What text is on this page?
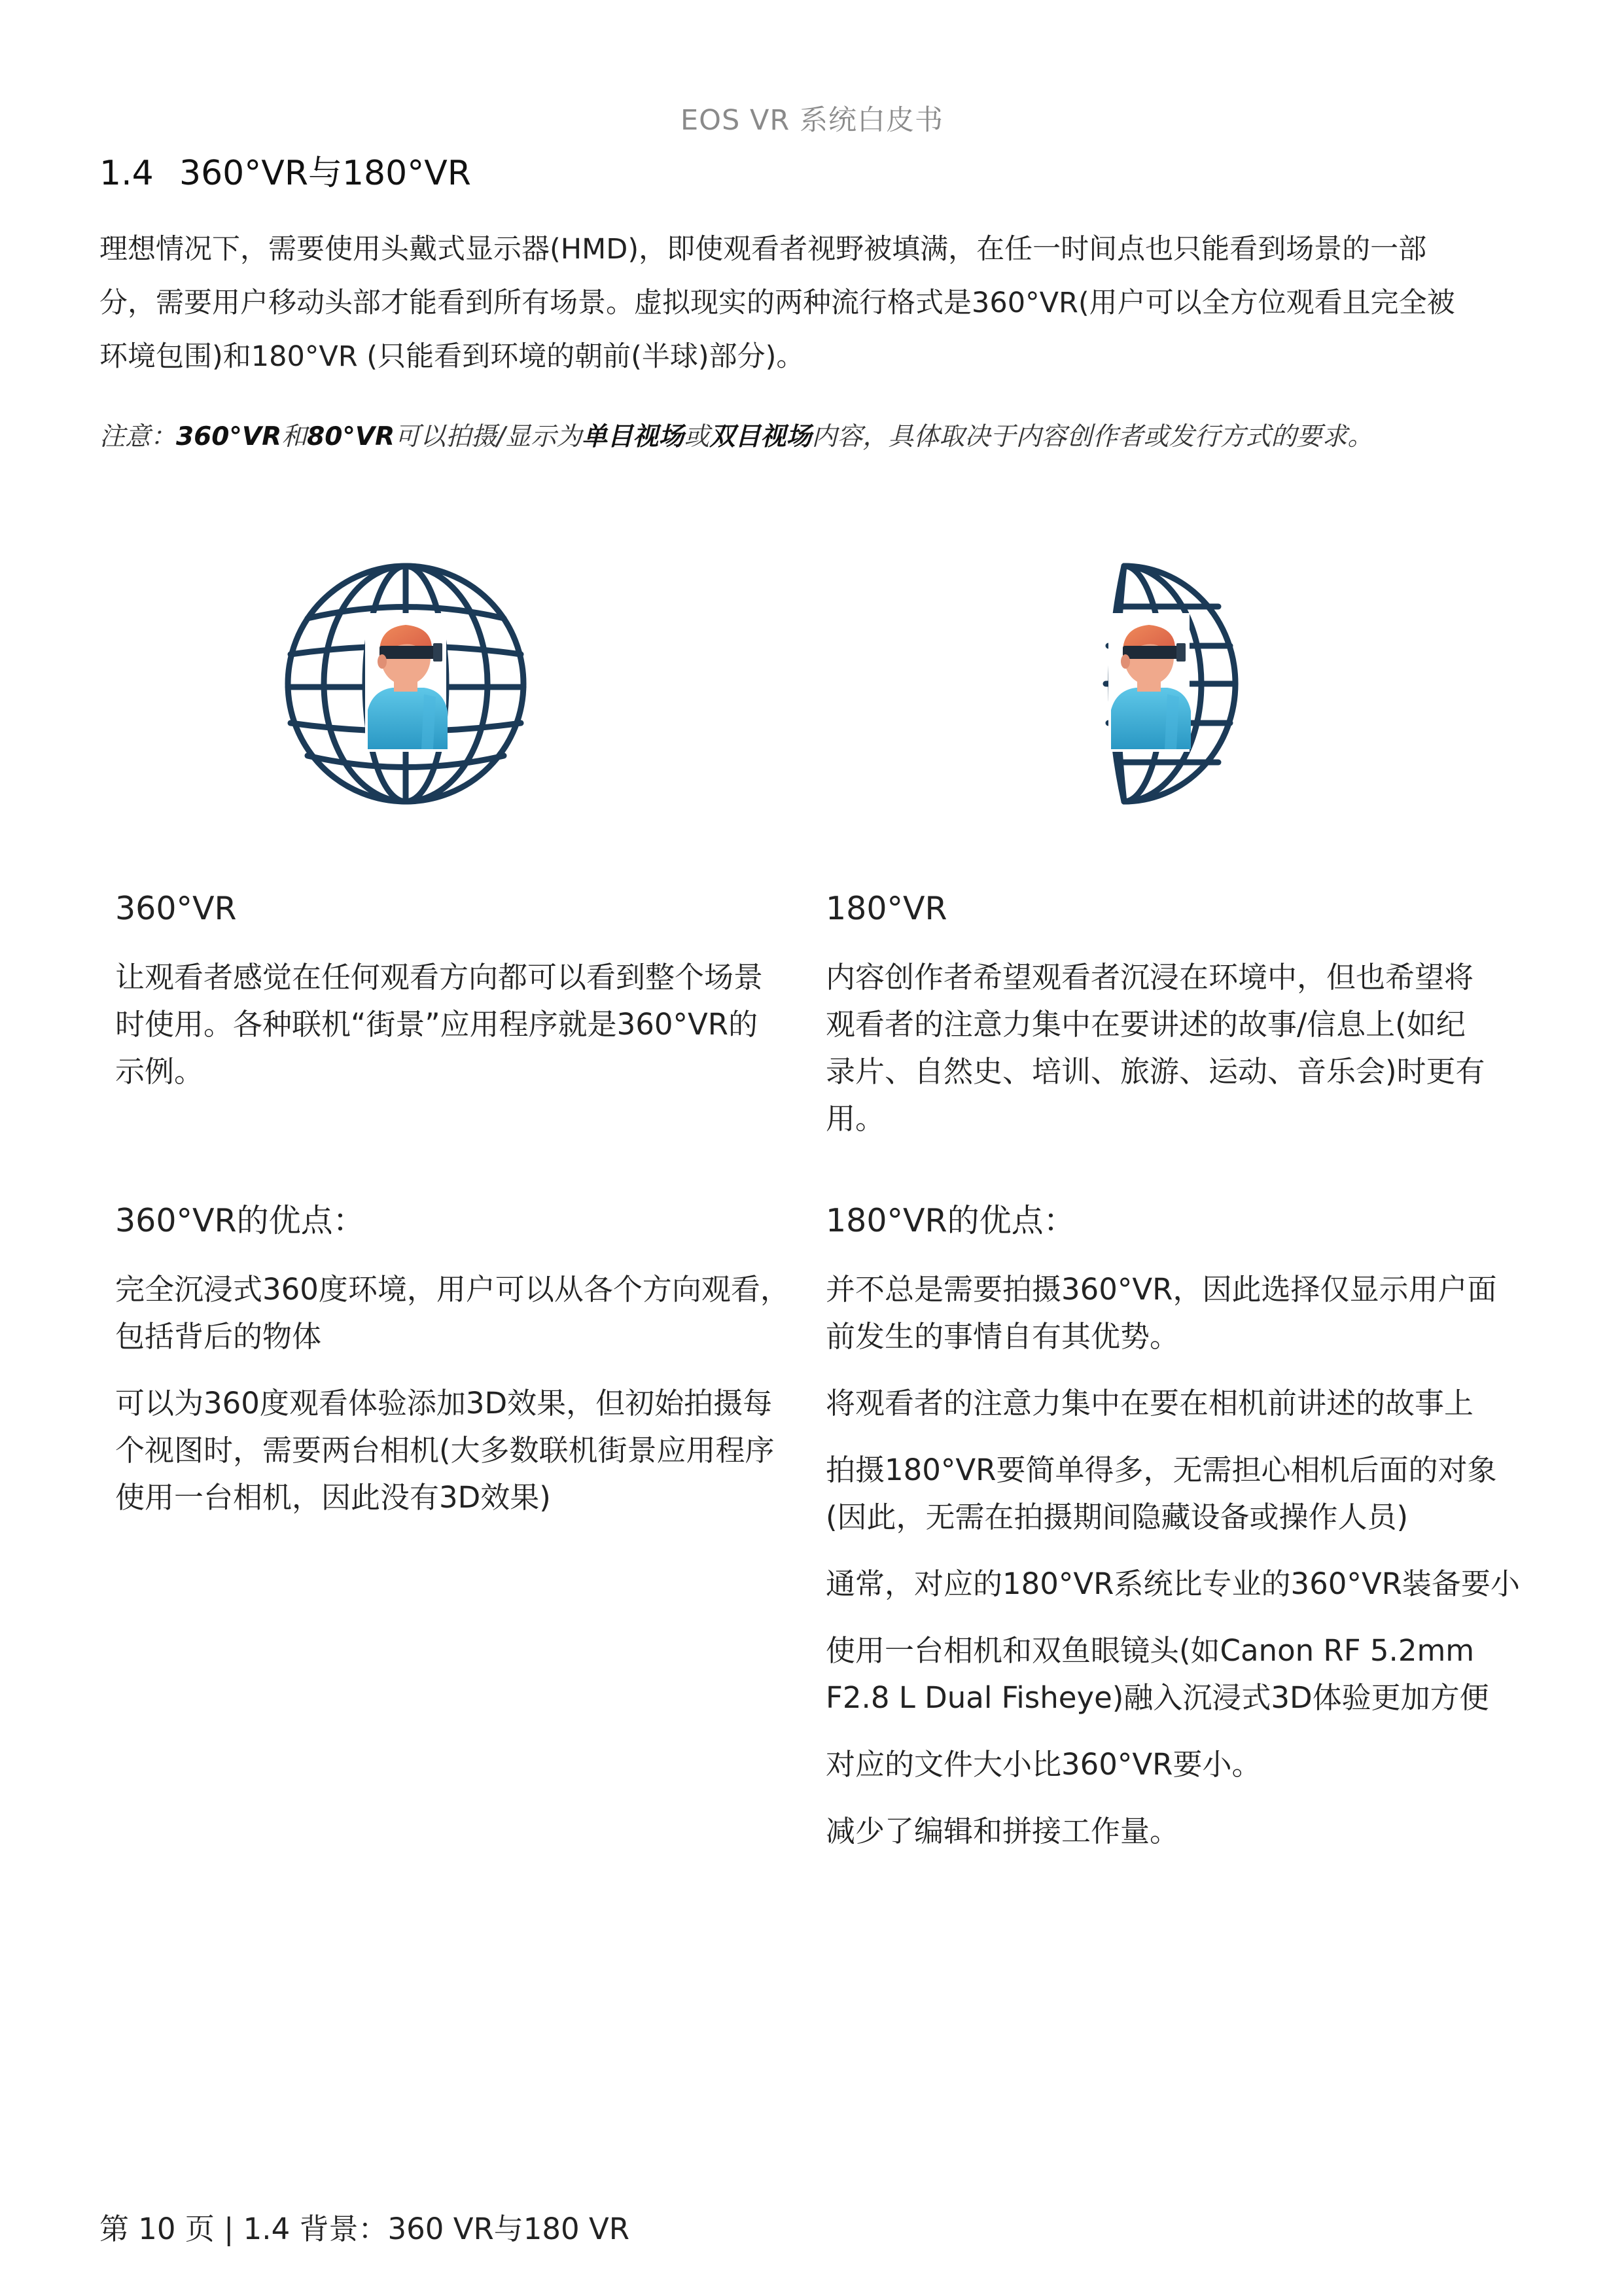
EOS VR 系统白皮书
1.4 360°VR与180°VR

理想情况下，需要使用头戴式显示器(HMD)，即使观看者视野被填满，在任一时间点也只能看到场景的一部

分，需要用户移动头部才能看到所有场景。虚拟现实的两种流行格式是360°VR(用户可以全方位观看且完全被

环境包围)和180°VR (只能看到环境的朝前(半球)部分)。

注意：360°VR和80°VR可以拍摄/显示为单目视场或双目视场内容，具体取决于内容创作者或发行方式的要求。
360°VR

让观看者感觉在任何观看方向都可以看到整个场景
时使用。各种联机“街景”应用程序就是360°VR的
示例。

360°VR的优点：

完全沉浸式360度环境，用户可以从各个方向观看，
包括背后的物体

可以为360度观看体验添加3D效果，但初始拍摄每
个视图时，需要两台相机(大多数联机街景应用程序
使用一台相机，因此没有3D效果)

180°VR

内容创作者希望观看者沉浸在环境中，但也希望将
观看者的注意力集中在要讲述的故事/信息上(如纪
录片、自然史、培训、旅游、运动、音乐会)时更有
用。

180°VR的优点：

并不总是需要拍摄360°VR，因此选择仅显示用户面
前发生的事情自有其优势。

将观看者的注意力集中在要在相机前讲述的故事上

拍摄180°VR要简单得多，无需担心相机后面的对象
(因此，无需在拍摄期间隐藏设备或操作人员)

通常，对应的180°VR系统比专业的360°VR装备要小

使用一台相机和双鱼眼镜头(如Canon RF 5.2mm
F2.8 L Dual Fisheye)融入沉浸式3D体验更加方便

对应的文件大小比360°VR要小。

减少了编辑和拼接工作量。

第 10 页 | 1.4 背景：360 VR与180 VR
